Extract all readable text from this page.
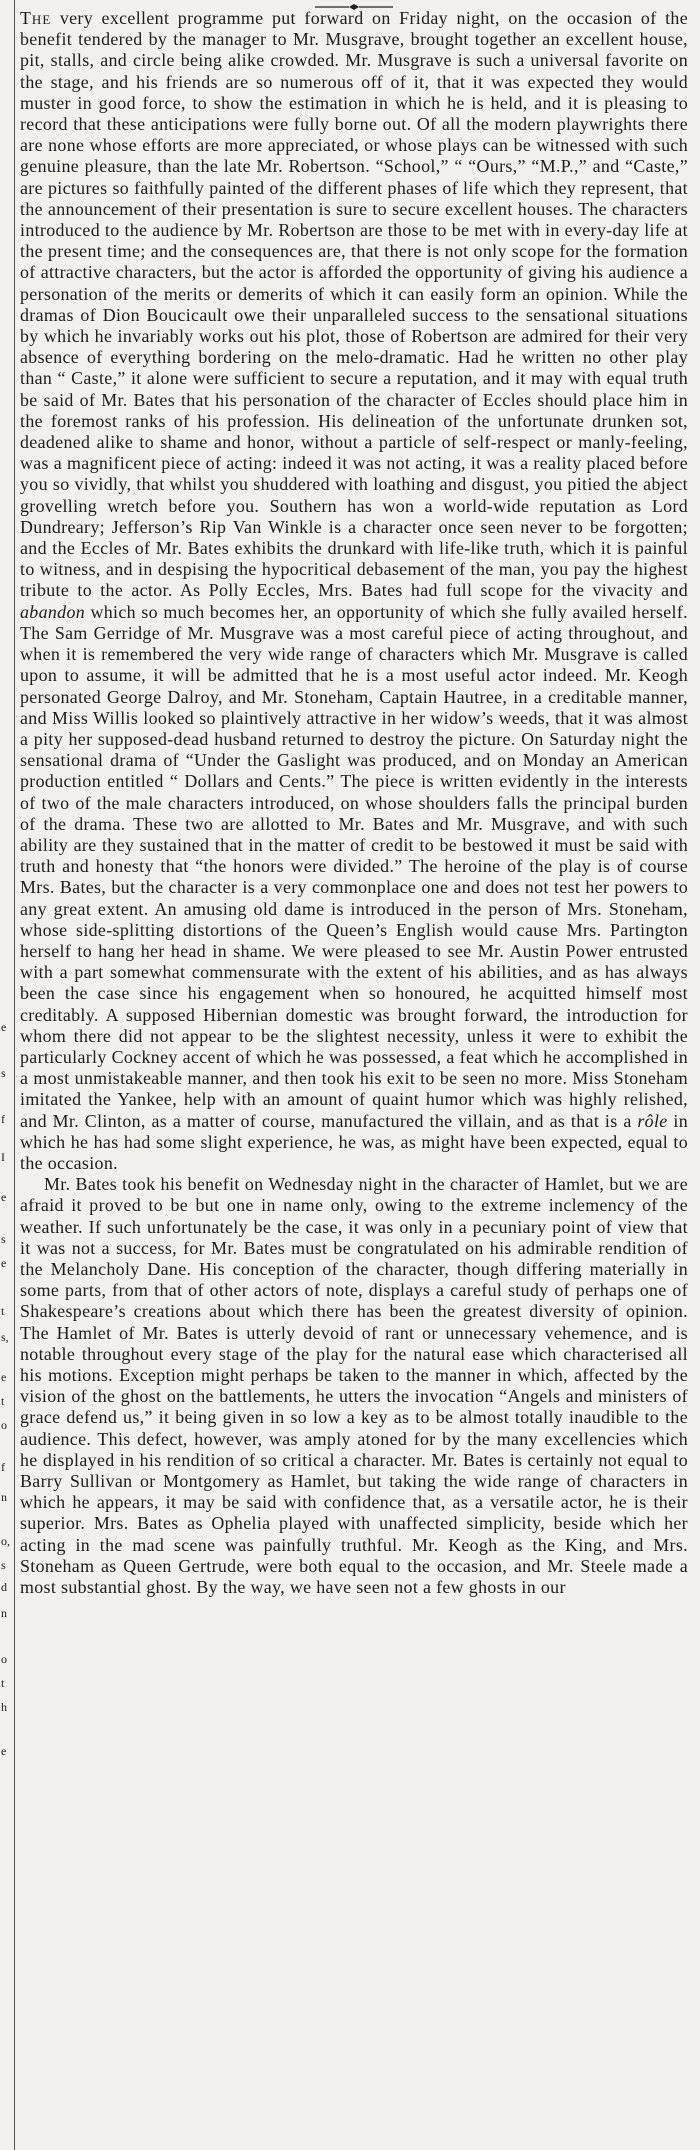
e
s
f
I
e
s
e
t
s,
e
t
o
f
n
o,
s
d
n
o
t
h
e

The very excellent programme put forward on Friday night, on the occasion of the benefit tendered by the manager to Mr. Musgrave, brought together an excellent house, pit, stalls, and circle being alike crowded. Mr. Musgrave is such a universal favorite on the stage, and his friends are so numerous off of it, that it was expected they would muster in good force, to show the estimation in which he is held, and it is pleasing to record that these anticipations were fully borne out. Of all the modern playwrights there are none whose efforts are more appreciated, or whose plays can be witnessed with such genuine pleasure, than the late Mr. Robertson. “School,” “ “Ours,” “M.P.,” and “Caste,” are pictures so faithfully painted of the different phases of life which they represent, that the announcement of their presentation is sure to secure excellent houses. The characters introduced to the audience by Mr. Robertson are those to be met with in every-day life at the present time; and the consequences are, that there is not only scope for the formation of attractive characters, but the actor is afforded the opportunity of giving his audience a personation of the merits or demerits of which it can easily form an opinion. While the dramas of Dion Boucicault owe their unparalleled success to the sensational situations by which he invariably works out his plot, those of Robertson are admired for their very absence of everything bordering on the melo-dramatic. Had he written no other play than “ Caste,” it alone were sufficient to secure a reputation, and it may with equal truth be said of Mr. Bates that his personation of the character of Eccles should place him in the foremost ranks of his profession. His delineation of the unfortunate drunken sot, deadened alike to shame and honor, without a particle of self-respect or manly-feeling, was a magnificent piece of acting: indeed it was not acting, it was a reality placed before you so vividly, that whilst you shuddered with loathing and disgust, you pitied the abject grovelling wretch before you. Southern has won a world-wide reputation as Lord Dundreary; Jefferson’s Rip Van Winkle is a character once seen never to be forgotten; and the Eccles of Mr. Bates exhibits the drunkard with life-like truth, which it is painful to witness, and in despising the hypocritical debasement of the man, you pay the highest tribute to the actor. As Polly Eccles, Mrs. Bates had full scope for the vivacity and abandon which so much becomes her, an opportunity of which she fully availed herself. The Sam Gerridge of Mr. Musgrave was a most careful piece of acting throughout, and when it is remembered the very wide range of characters which Mr. Musgrave is called upon to assume, it will be admitted that he is a most useful actor indeed. Mr. Keogh personated George Dalroy, and Mr. Stoneham, Captain Hautree, in a creditable manner, and Miss Willis looked so plaintively attractive in her widow’s weeds, that it was almost a pity her supposed-dead husband returned to destroy the picture. On Saturday night the sensational drama of “Under the Gaslight was produced, and on Monday an American production entitled “ Dollars and Cents.” The piece is written evidently in the interests of two of the male characters introduced, on whose shoulders falls the principal burden of the drama. These two are allotted to Mr. Bates and Mr. Musgrave, and with such ability are they sustained that in the matter of credit to be bestowed it must be said with truth and honesty that “the honors were divided.” The heroine of the play is of course Mrs. Bates, but the character is a very commonplace one and does not test her powers to any great extent. An amusing old dame is introduced in the person of Mrs. Stoneham, whose side-splitting distortions of the Queen’s English would cause Mrs. Partington herself to hang her head in shame. We were pleased to see Mr. Austin Power entrusted with a part somewhat commensurate with the extent of his abilities, and as has always been the case since his engagement when so honoured, he acquitted himself most creditably. A supposed Hibernian domestic was brought forward, the introduction for whom there did not appear to be the slightest necessity, unless it were to exhibit the particularly Cockney accent of which he was possessed, a feat which he accomplished in a most unmistakeable manner, and then took his exit to be seen no more. Miss Stoneham imitated the Yankee, help with an amount of quaint humor which was highly relished, and Mr. Clinton, as a matter of course, manufactured the villain, and as that is a rôle in which he has had some slight experience, he was, as might have been expected, equal to the occasion.

Mr. Bates took his benefit on Wednesday night in the character of Hamlet, but we are afraid it proved to be but one in name only, owing to the extreme inclemency of the weather. If such unfortunately be the case, it was only in a pecuniary point of view that it was not a success, for Mr. Bates must be congratulated on his admirable rendition of the Melancholy Dane. His conception of the character, though differing materially in some parts, from that of other actors of note, displays a careful study of perhaps one of Shakespeare’s creations about which there has been the greatest diversity of opinion. The Hamlet of Mr. Bates is utterly devoid of rant or unnecessary vehemence, and is notable throughout every stage of the play for the natural ease which characterised all his motions. Exception might perhaps be taken to the manner in which, affected by the vision of the ghost on the battlements, he utters the invocation “Angels and ministers of grace defend us,” it being given in so low a key as to be almost totally inaudible to the audience. This defect, however, was amply atoned for by the many excellencies which he displayed in his rendition of so critical a character. Mr. Bates is certainly not equal to Barry Sullivan or Montgomery as Hamlet, but taking the wide range of characters in which he appears, it may be said with confidence that, as a versatile actor, he is their superior. Mrs. Bates as Ophelia played with unaffected simplicity, beside which her acting in the mad scene was painfully truthful. Mr. Keogh as the King, and Mrs. Stoneham as Queen Gertrude, were both equal to the occasion, and Mr. Steele made a most substantial ghost. By the way, we have seen not a few ghosts in our
